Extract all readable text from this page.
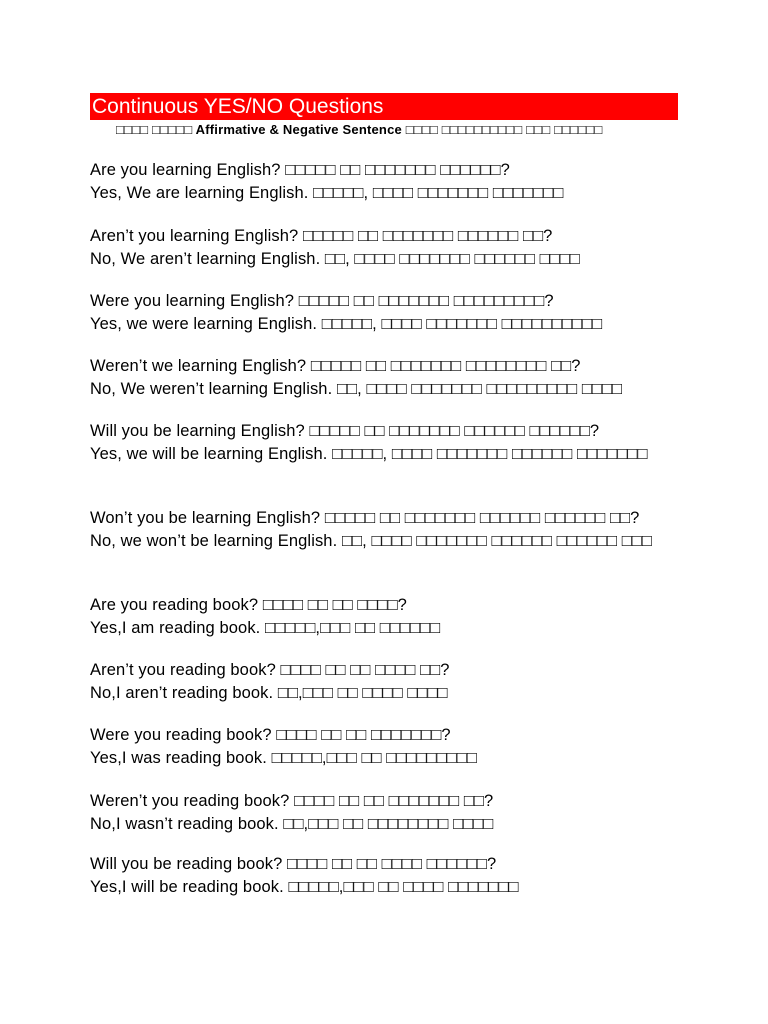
Continuous YES/NO Questions
□□□□ □□□□□ Affirmative & Negative Sentence □□□□ □□□□□□□□□□ □□□ □□□□□□
Are you learning English? □□□□□ □□ □□□□□□□ □□□□□□?
Yes, We are learning English. □□□□□, □□□□ □□□□□□□ □□□□□□□
Aren’t you learning English? □□□□□ □□ □□□□□□□ □□□□□□ □□?
No, We aren’t learning English. □□, □□□□ □□□□□□□ □□□□□□ □□□□
Were you learning English? □□□□□ □□ □□□□□□□ □□□□□□□□□?
Yes, we were learning English. □□□□□, □□□□ □□□□□□□ □□□□□□□□□□
Weren’t we learning English? □□□□□ □□ □□□□□□□ □□□□□□□□ □□?
No, We weren’t learning English. □□, □□□□ □□□□□□□ □□□□□□□□□ □□□□
Will you be learning English? □□□□□ □□ □□□□□□□ □□□□□□ □□□□□□?
Yes, we will be learning English. □□□□□, □□□□ □□□□□□□ □□□□□□ □□□□□□□
Won’t you be learning English? □□□□□ □□ □□□□□□□ □□□□□□ □□□□□□ □□?
No, we won’t be learning English. □□, □□□□ □□□□□□□ □□□□□□ □□□□□□ □□□
Are you reading book? □□□□ □□ □□ □□□□?
Yes,I am reading book. □□□□□,□□□ □□ □□□□□□
Aren’t you reading book? □□□□ □□ □□ □□□□ □□?
No,I aren’t reading book. □□,□□□ □□ □□□□ □□□□
Were you reading book? □□□□ □□ □□ □□□□□□□?
Yes,I was reading book. □□□□□,□□□ □□ □□□□□□□□□
Weren’t you reading book? □□□□ □□ □□ □□□□□□□ □□?
No,I wasn’t reading book. □□,□□□ □□ □□□□□□□□ □□□□
Will you be reading book? □□□□ □□ □□ □□□□ □□□□□□?
Yes,I will be reading book. □□□□□,□□□ □□ □□□□ □□□□□□□
